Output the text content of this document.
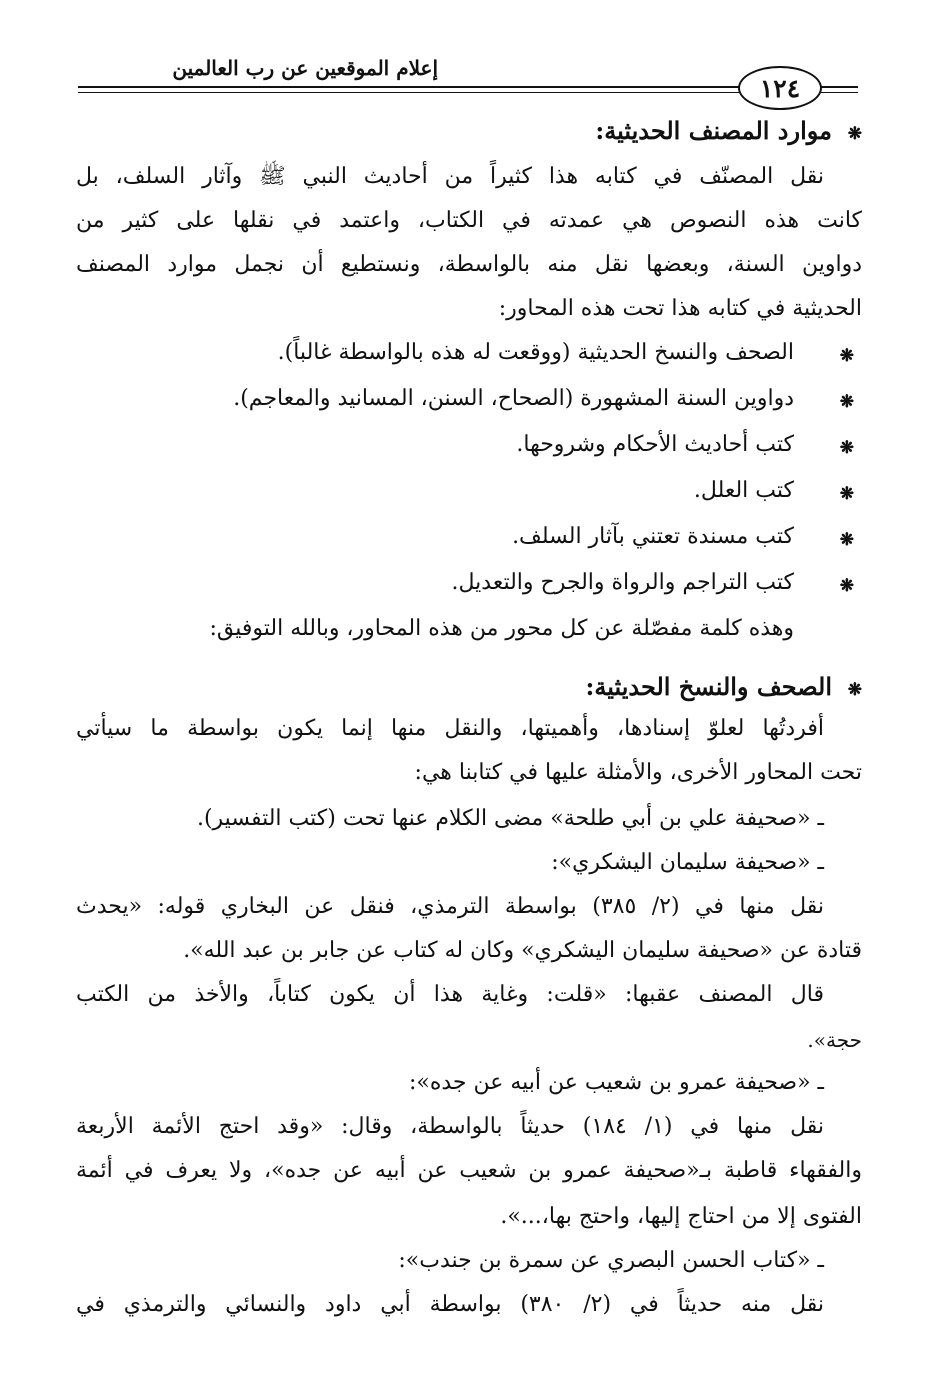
إعلام الموقعين عن رب العالمين
١٢٤
❋
موارد المصنف الحديثية:
نقل المصنّف في كتابه هذا كثيراً من أحاديث النبي ﷺ وآثار السلف، بل
كانت هذه النصوص هي عمدته في الكتاب، واعتمد في نقلها على كثير من
دواوين السنة، وبعضها نقل منه بالواسطة، ونستطيع أن نجمل موارد المصنف
الحديثية في كتابه هذا تحت هذه المحاور:
❋
الصحف والنسخ الحديثية (ووقعت له هذه بالواسطة غالباً).
❋
دواوين السنة المشهورة (الصحاح، السنن، المسانيد والمعاجم).
❋
كتب أحاديث الأحكام وشروحها.
❋
كتب العلل.
❋
كتب مسندة تعتني بآثار السلف.
❋
كتب التراجم والرواة والجرح والتعديل.
وهذه كلمة مفصّلة عن كل محور من هذه المحاور، وبالله التوفيق:
❋
الصحف والنسخ الحديثية:
أفردتُها لعلوّ إسنادها، وأهميتها، والنقل منها إنما يكون بواسطة ما سيأتي
تحت المحاور الأخرى، والأمثلة عليها في كتابنا هي:
ـ «صحيفة علي بن أبي طلحة» مضى الكلام عنها تحت (كتب التفسير).
ـ «صحيفة سليمان اليشكري»:
نقل منها في (٢/ ٣٨٥) بواسطة الترمذي، فنقل عن البخاري قوله: «يحدث
قتادة عن «صحيفة سليمان اليشكري» وكان له كتاب عن جابر بن عبد الله».
قال المصنف عقبها: «قلت: وغاية هذا أن يكون كتاباً، والأخذ من الكتب
حجة».
ـ «صحيفة عمرو بن شعيب عن أبيه عن جده»:
نقل منها في (١/ ١٨٤) حديثاً بالواسطة، وقال: «وقد احتج الأئمة الأربعة
والفقهاء قاطبة بـ«صحيفة عمرو بن شعيب عن أبيه عن جده»، ولا يعرف في أئمة
الفتوى إلا من احتاج إليها، واحتج بها،...».
ـ «كتاب الحسن البصري عن سمرة بن جندب»:
نقل منه حديثاً في (٢/ ٣٨٠) بواسطة أبي داود والنسائي والترمذي في
